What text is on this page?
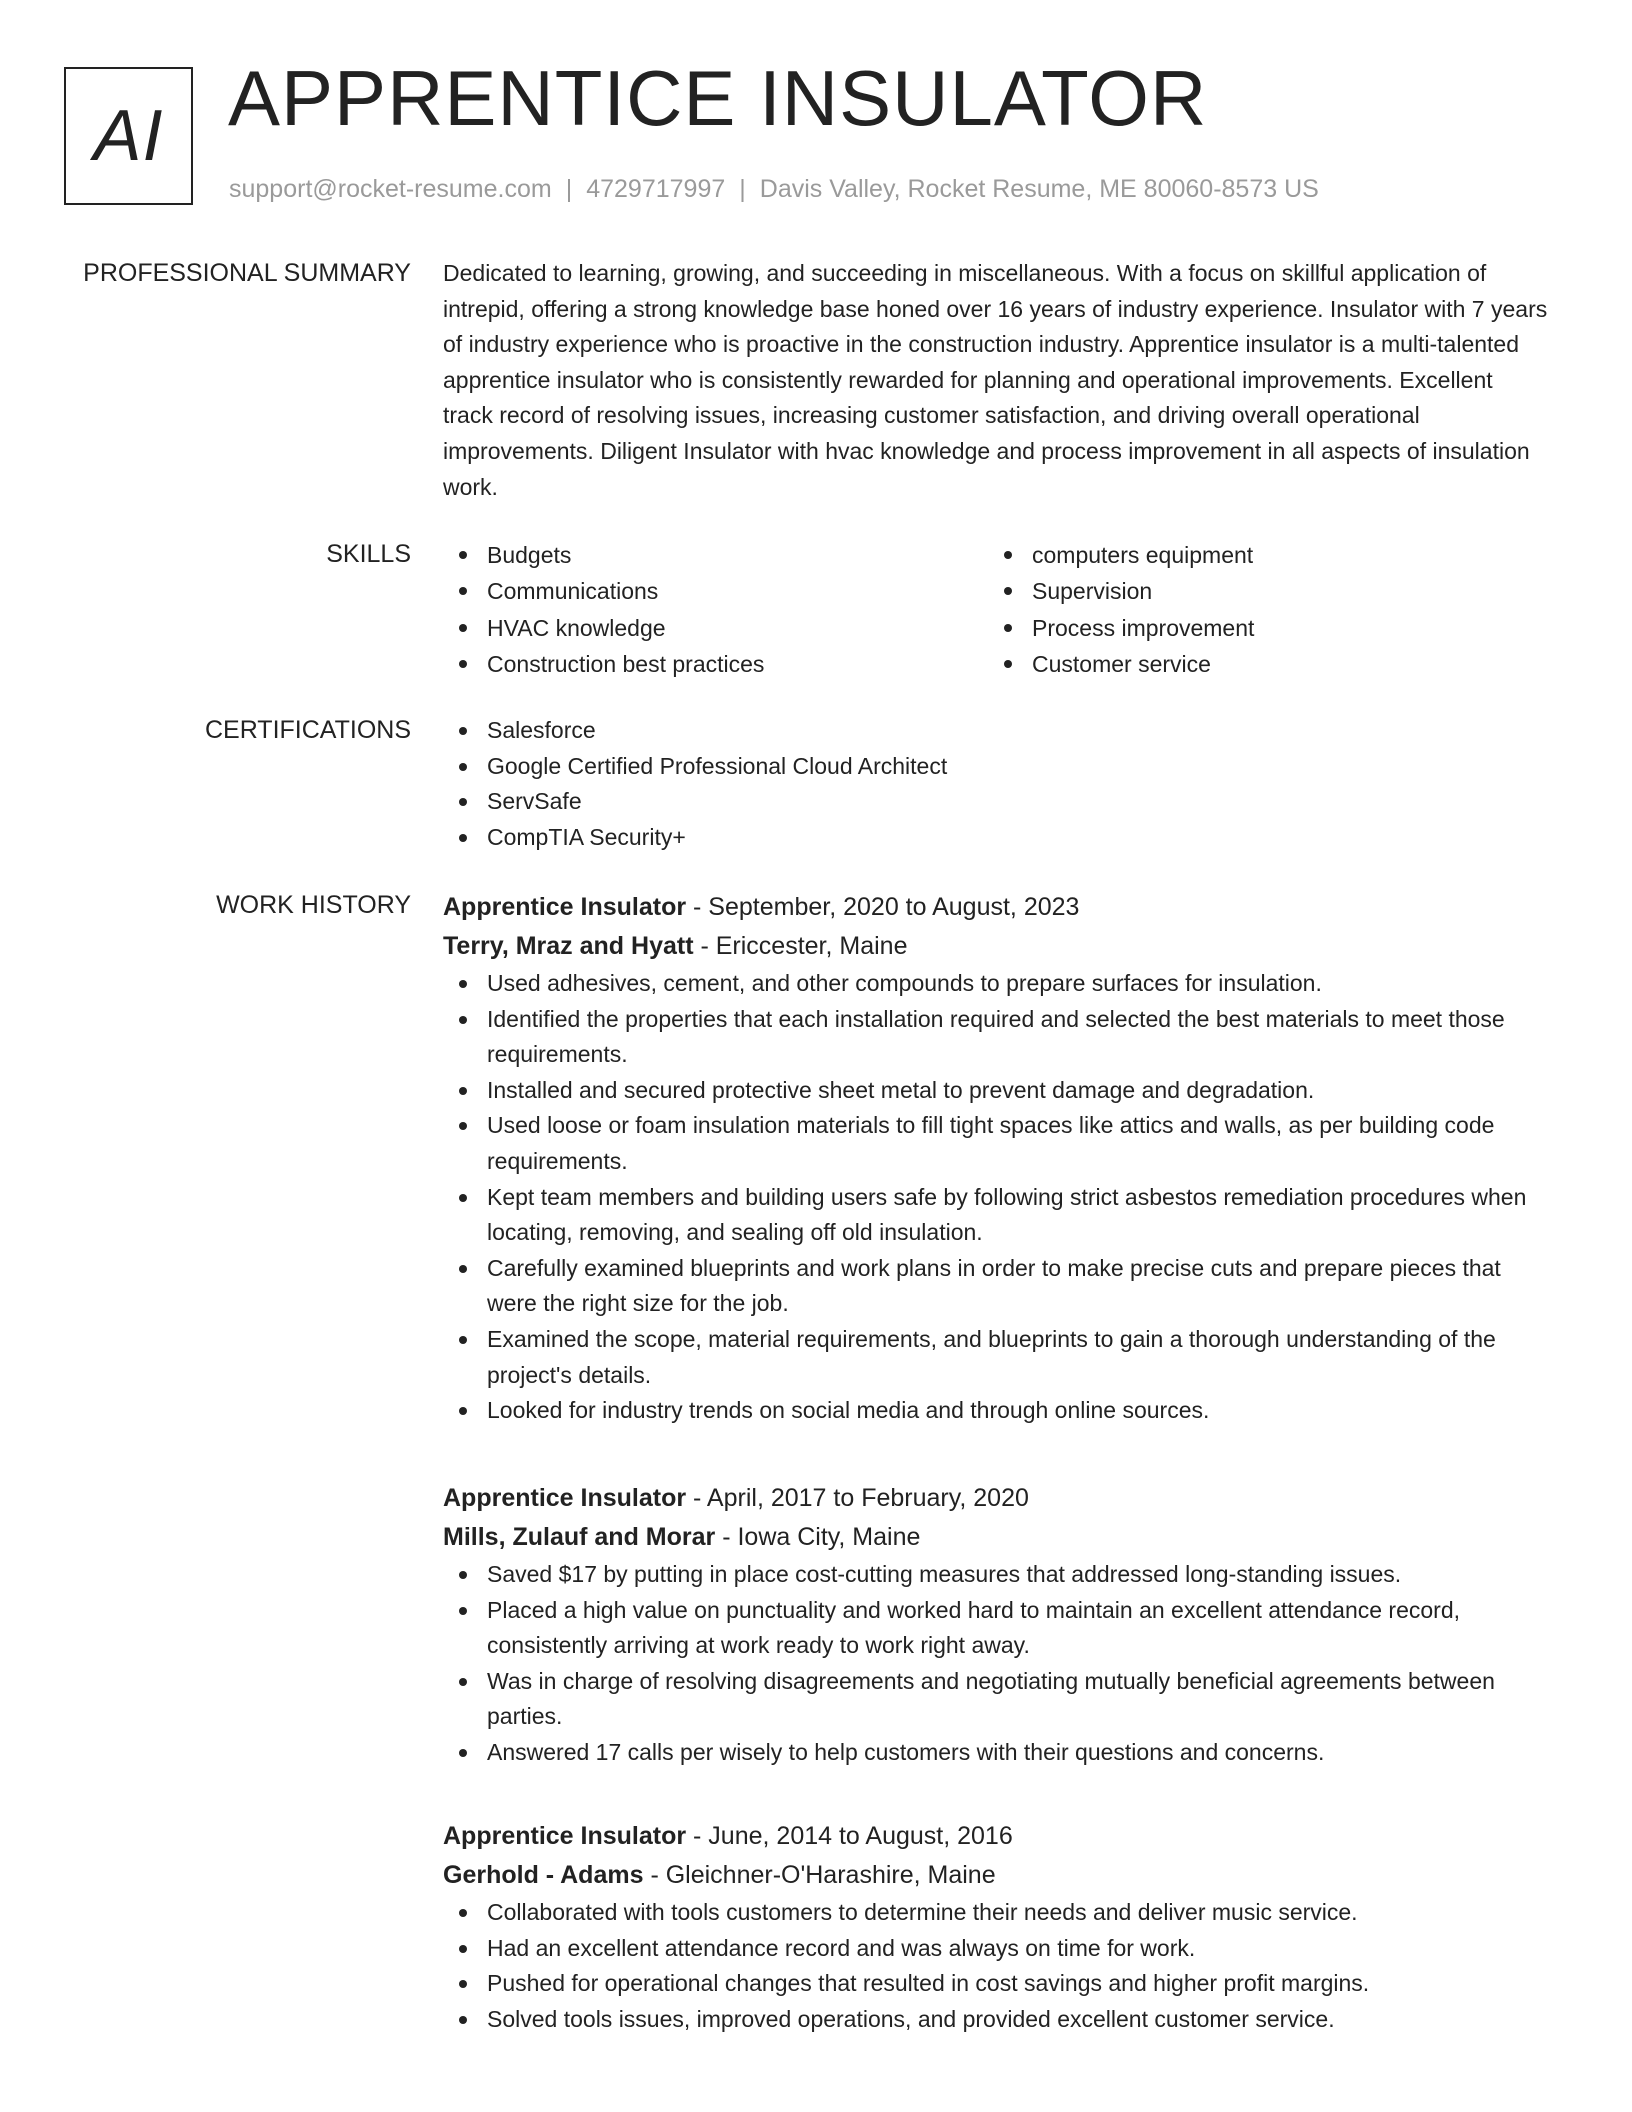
AI APPRENTICE INSULATOR
support@rocket-resume.com | 4729717997 | Davis Valley, Rocket Resume, ME 80060-8573 US
PROFESSIONAL SUMMARY Dedicated to learning, growing, and succeeding in miscellaneous. With a focus on skillful application of intrepid, offering a strong knowledge base honed over 16 years of industry experience. Insulator with 7 years of industry experience who is proactive in the construction industry. Apprentice insulator is a multi-talented apprentice insulator who is consistently rewarded for planning and operational improvements. Excellent track record of resolving issues, increasing customer satisfaction, and driving overall operational improvements. Diligent Insulator with hvac knowledge and process improvement in all aspects of insulation work.

SKILLS	Budgets
Communications
HVAC knowledge
Construction best practices
computers equipment
Supervision
Process improvement
Customer service
CERTIFICATIONS	Salesforce
Google Certified Professional Cloud Architect
ServSafe
CompTIA Security+
WORK HISTORY Apprentice Insulator - September, 2020 to August, 2023
Terry, Mraz and Hyatt - Ericcester, Maine
Used adhesives, cement, and other compounds to prepare surfaces for insulation.
Identified the properties that each installation required and selected the best materials to meet those requirements.
Installed and secured protective sheet metal to prevent damage and degradation.
Used loose or foam insulation materials to fill tight spaces like attics and walls, as per building code requirements.
Kept team members and building users safe by following strict asbestos remediation procedures when locating, removing, and sealing off old insulation.
Carefully examined blueprints and work plans in order to make precise cuts and prepare pieces that were the right size for the job.
Examined the scope, material requirements, and blueprints to gain a thorough understanding of the project's details.
Looked for industry trends on social media and through online sources.
Apprentice Insulator - April, 2017 to February, 2020
Mills, Zulauf and Morar - Iowa City, Maine
Saved $17 by putting in place cost-cutting measures that addressed long-standing issues.
Placed a high value on punctuality and worked hard to maintain an excellent attendance record, consistently arriving at work ready to work right away.
Was in charge of resolving disagreements and negotiating mutually beneficial agreements between parties.
Answered 17 calls per wisely to help customers with their questions and concerns.
Apprentice Insulator - June, 2014 to August, 2016
Gerhold - Adams - Gleichner-O'Harashire, Maine
Collaborated with tools customers to determine their needs and deliver music service.
Had an excellent attendance record and was always on time for work.
Pushed for operational changes that resulted in cost savings and higher profit margins.
Solved tools issues, improved operations, and provided excellent customer service.
